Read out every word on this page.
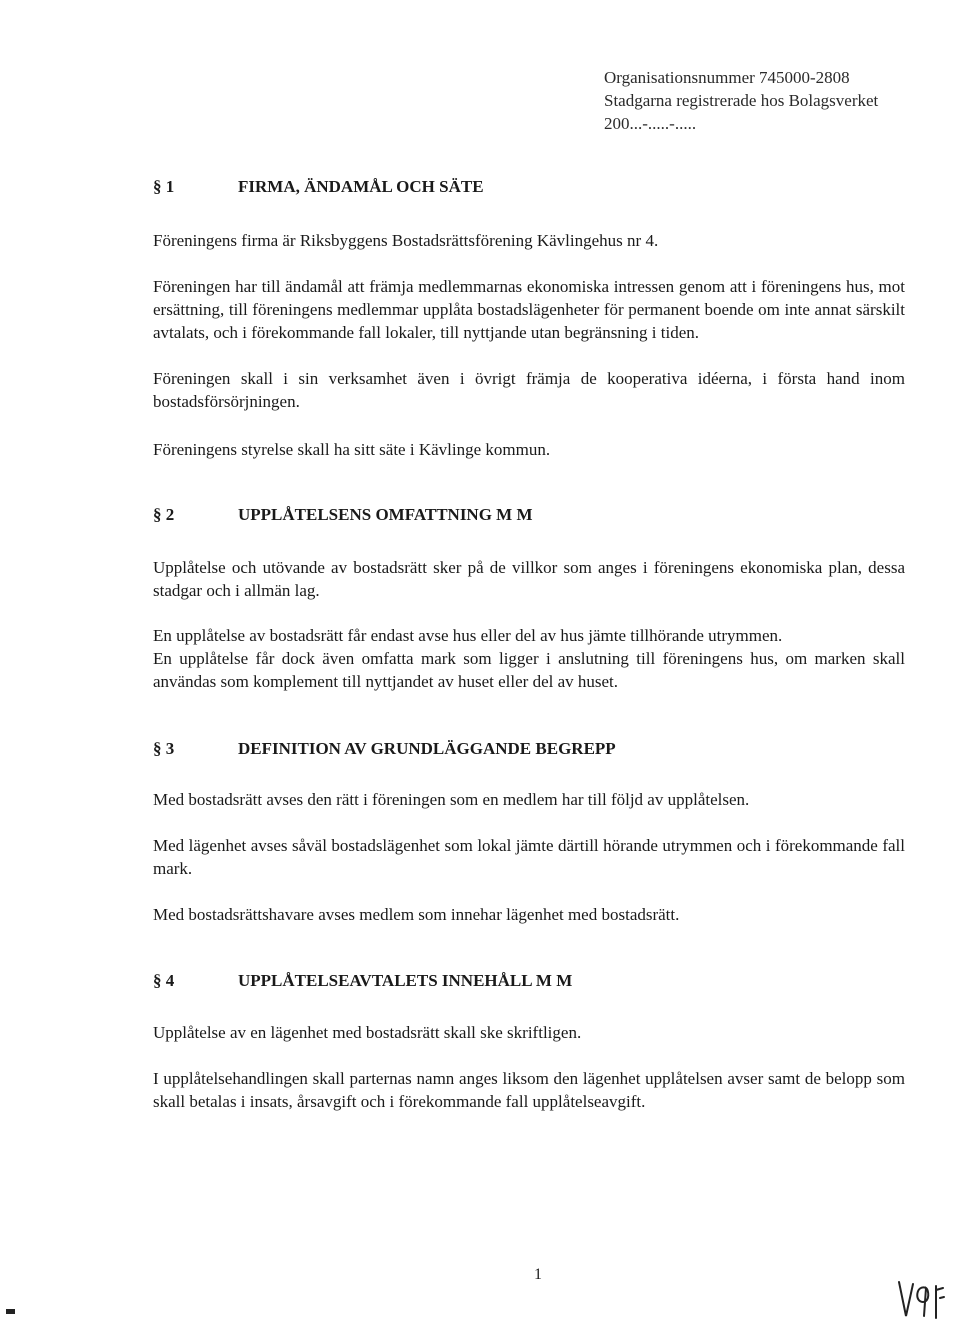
Organisationsnummer 745000-2808
Stadgarna registrerade hos Bolagsverket
200...-.....-.....
§ 1	FIRMA, ÄNDAMÅL OCH SÄTE
Föreningens firma är Riksbyggens Bostadsrättsförening Kävlingehus nr 4.
Föreningen har till ändamål att främja medlemmarnas ekonomiska intressen genom att i föreningens hus, mot ersättning, till föreningens medlemmar upplåta bostadslägenheter för permanent boende om inte annat särskilt avtalats, och i förekommande fall lokaler, till nyttjande utan begränsning i tiden.
Föreningen skall i sin verksamhet även i övrigt främja de kooperativa idéerna, i första hand inom bostadsförsörjningen.
Föreningens styrelse skall ha sitt säte i Kävlinge kommun.
§ 2	UPPLÅTELSENS OMFATTNING M M
Upplåtelse och utövande av bostadsrätt sker på de villkor som anges i föreningens ekonomiska plan, dessa stadgar och i allmän lag.
En upplåtelse av bostadsrätt får endast avse hus eller del av hus jämte tillhörande utrymmen.
En upplåtelse får dock även omfatta mark som ligger i anslutning till föreningens hus, om marken skall användas som komplement till nyttjandet av huset eller del av huset.
§ 3	DEFINITION AV GRUNDLÄGGANDE BEGREPP
Med bostadsrätt avses den rätt i föreningen som en medlem har till följd av upplåtelsen.
Med lägenhet avses såväl bostadslägenhet som lokal jämte därtill hörande utrymmen och i förekommande fall mark.
Med bostadsrättshavare avses medlem som innehar lägenhet med bostadsrätt.
§ 4	UPPLÅTELSEAVTALETS INNEHÅLL M M
Upplåtelse av en lägenhet med bostadsrätt skall ske skriftligen.
I upplåtelsehandlingen skall parternas namn anges liksom den lägenhet upplåtelsen avser samt de belopp som skall betalas i insats, årsavgift och i förekommande fall upplåtelseavgift.
1
